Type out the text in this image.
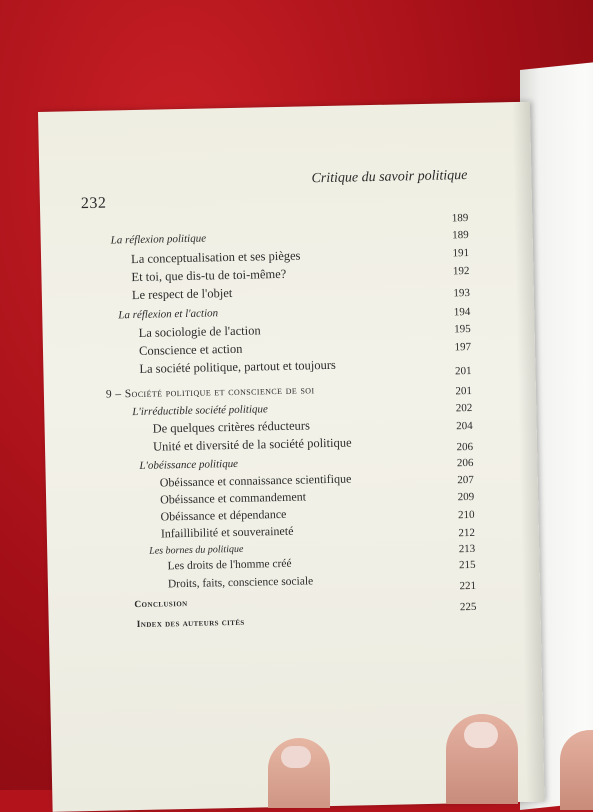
232
Critique du savoir politique
189
La réflexion politique	189
La conceptualisation et ses pièges	191
Et toi, que dis-tu de toi-même?	192
Le respect de l'objet	193
La réflexion et l'action	194
La sociologie de l'action	195
Conscience et action	197
La société politique, partout et toujours	201
9 – Société politique et conscience de soi	201
L'irréductible société politique	202
De quelques critères réducteurs	204
Unité et diversité de la société politique	206
L'obéissance politique	206
Obéissance et connaissance scientifique	207
Obéissance et commandement	209
Obéissance et dépendance	210
Infaillibilité et souveraineté	212
Les bornes du politique	213
Les droits de l'homme créé	215
Droits, faits, conscience sociale	221
Conclusion	225
Index des auteurs cités
